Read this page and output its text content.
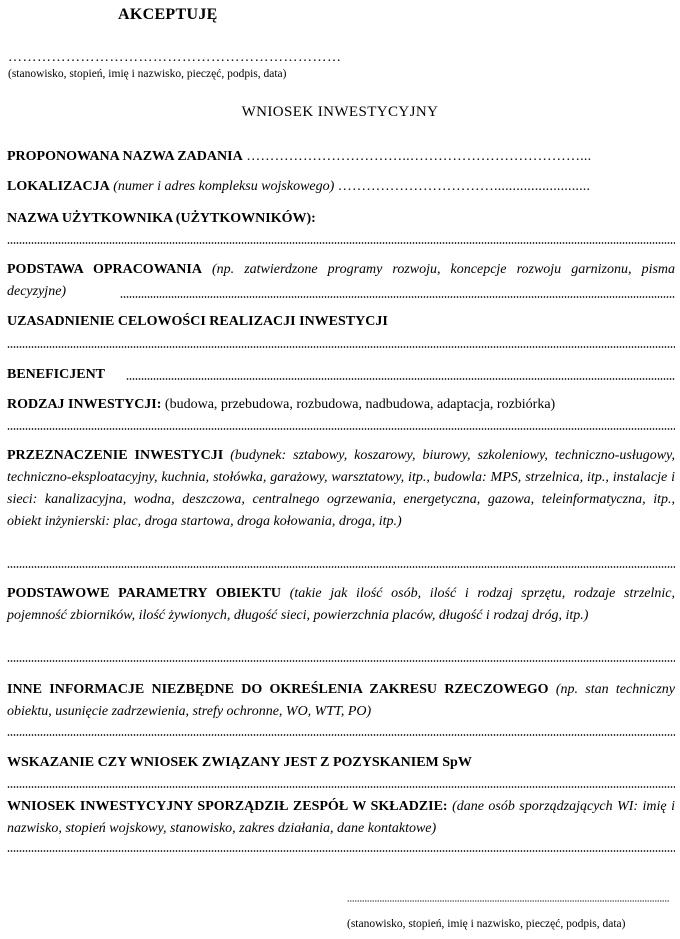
AKCEPTUJĘ
……………………………………………………………
(stanowisko, stopień, imię i nazwisko, pieczęć, podpis, data)
WNIOSEK INWESTYCYJNY
PROPONOWANA NAZWA ZADANIA ……………………………..………………………………...
LOKALIZACJA (numer i adres kompleksu wojskowego) ……………………………..........................
NAZWA UŻYTKOWNIKA (UŻYTKOWNIKÓW):
PODSTAWA OPRACOWANIA (np. zatwierdzone programy rozwoju, koncepcje rozwoju garnizonu, pisma decyzyjne)
UZASADNIENIE CELOWOŚCI REALIZACJI INWESTYCJI
BENEFICJENT
RODZAJ INWESTYCJI: (budowa, przebudowa, rozbudowa, nadbudowa, adaptacja, rozbiórka)
PRZEZNACZENIE INWESTYCJI (budynek: sztabowy, koszarowy, biurowy, szkoleniowy, techniczno-usługowy, techniczno-eksploatacyjny, kuchnia, stołówka, garażowy, warsztatowy, itp., budowla: MPS, strzelnica, itp., instalacje i sieci: kanalizacyjna, wodna, deszczowa, centralnego ogrzewania, energetyczna, gazowa, teleinformatyczna, itp., obiekt inżynierski: plac, droga startowa, droga kołowania, droga, itp.)
PODSTAWOWE PARAMETRY OBIEKTU (takie jak ilość osób, ilość i rodzaj sprzętu, rodzaje strzelnic, pojemność zbiorników, ilość żywionych, długość sieci, powierzchnia placów, długość i rodzaj dróg, itp.)
INNE INFORMACJE NIEZBĘDNE DO OKREŚLENIA ZAKRESU RZECZOWEGO (np. stan techniczny obiektu, usunięcie zadrzewienia, strefy ochronne, WO, WTT, PO)
WSKAZANIE CZY WNIOSEK ZWIĄZANY JEST Z POZYSKANIEM SpW
WNIOSEK INWESTYCYJNY SPORZĄDZIŁ ZESPÓŁ W SKŁADZIE: (dane osób sporządzających WI: imię i nazwisko, stopień wojskowy, stanowisko, zakres działania, dane kontaktowe)
(stanowisko, stopień, imię i nazwisko, pieczęć, podpis, data)
